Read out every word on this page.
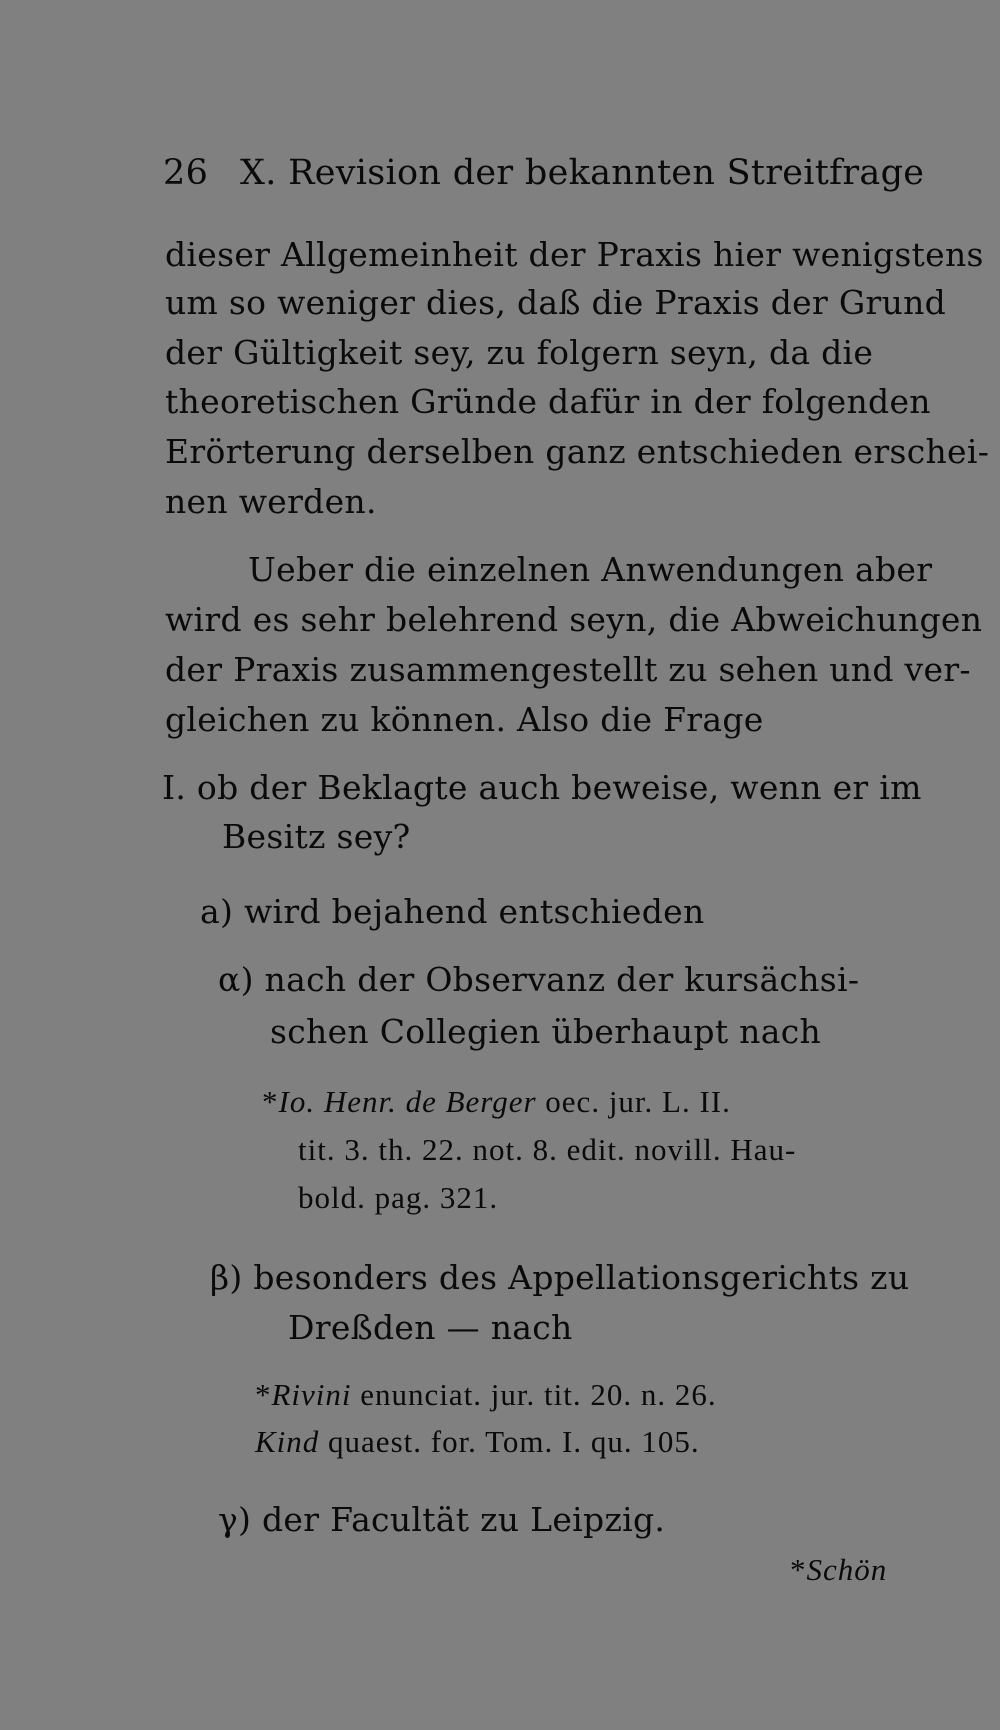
26 X. Revision der bekannten Streitfrage
dieser Allgemeinheit der Praxis hier wenigstens
um so weniger dies, daß die Praxis der Grund
der Gültigkeit sey, zu folgern seyn, da die
theoretischen Gründe dafür in der folgenden
Erörterung derselben ganz entschieden erschei-
nen werden.
Ueber die einzelnen Anwendungen aber
wird es sehr belehrend seyn, die Abweichungen
der Praxis zusammengestellt zu sehen und ver-
gleichen zu können. Also die Frage
I. ob der Beklagte auch beweise, wenn er im
Besitz sey?
a) wird bejahend entschieden
α) nach der Observanz der kursächsi-
schen Collegien überhaupt nach
*Io. Henr. de Berger oec. jur. L. II.
tit. 3. th. 22. not. 8. edit. novill. Hau-
bold. pag. 321.
β) besonders des Appellationsgerichts zu
Dreßden — nach
*Rivini enunciat. jur. tit. 20. n. 26.
Kind quaest. for. Tom. I. qu. 105.
γ) der Facultät zu Leipzig.
*Schön
